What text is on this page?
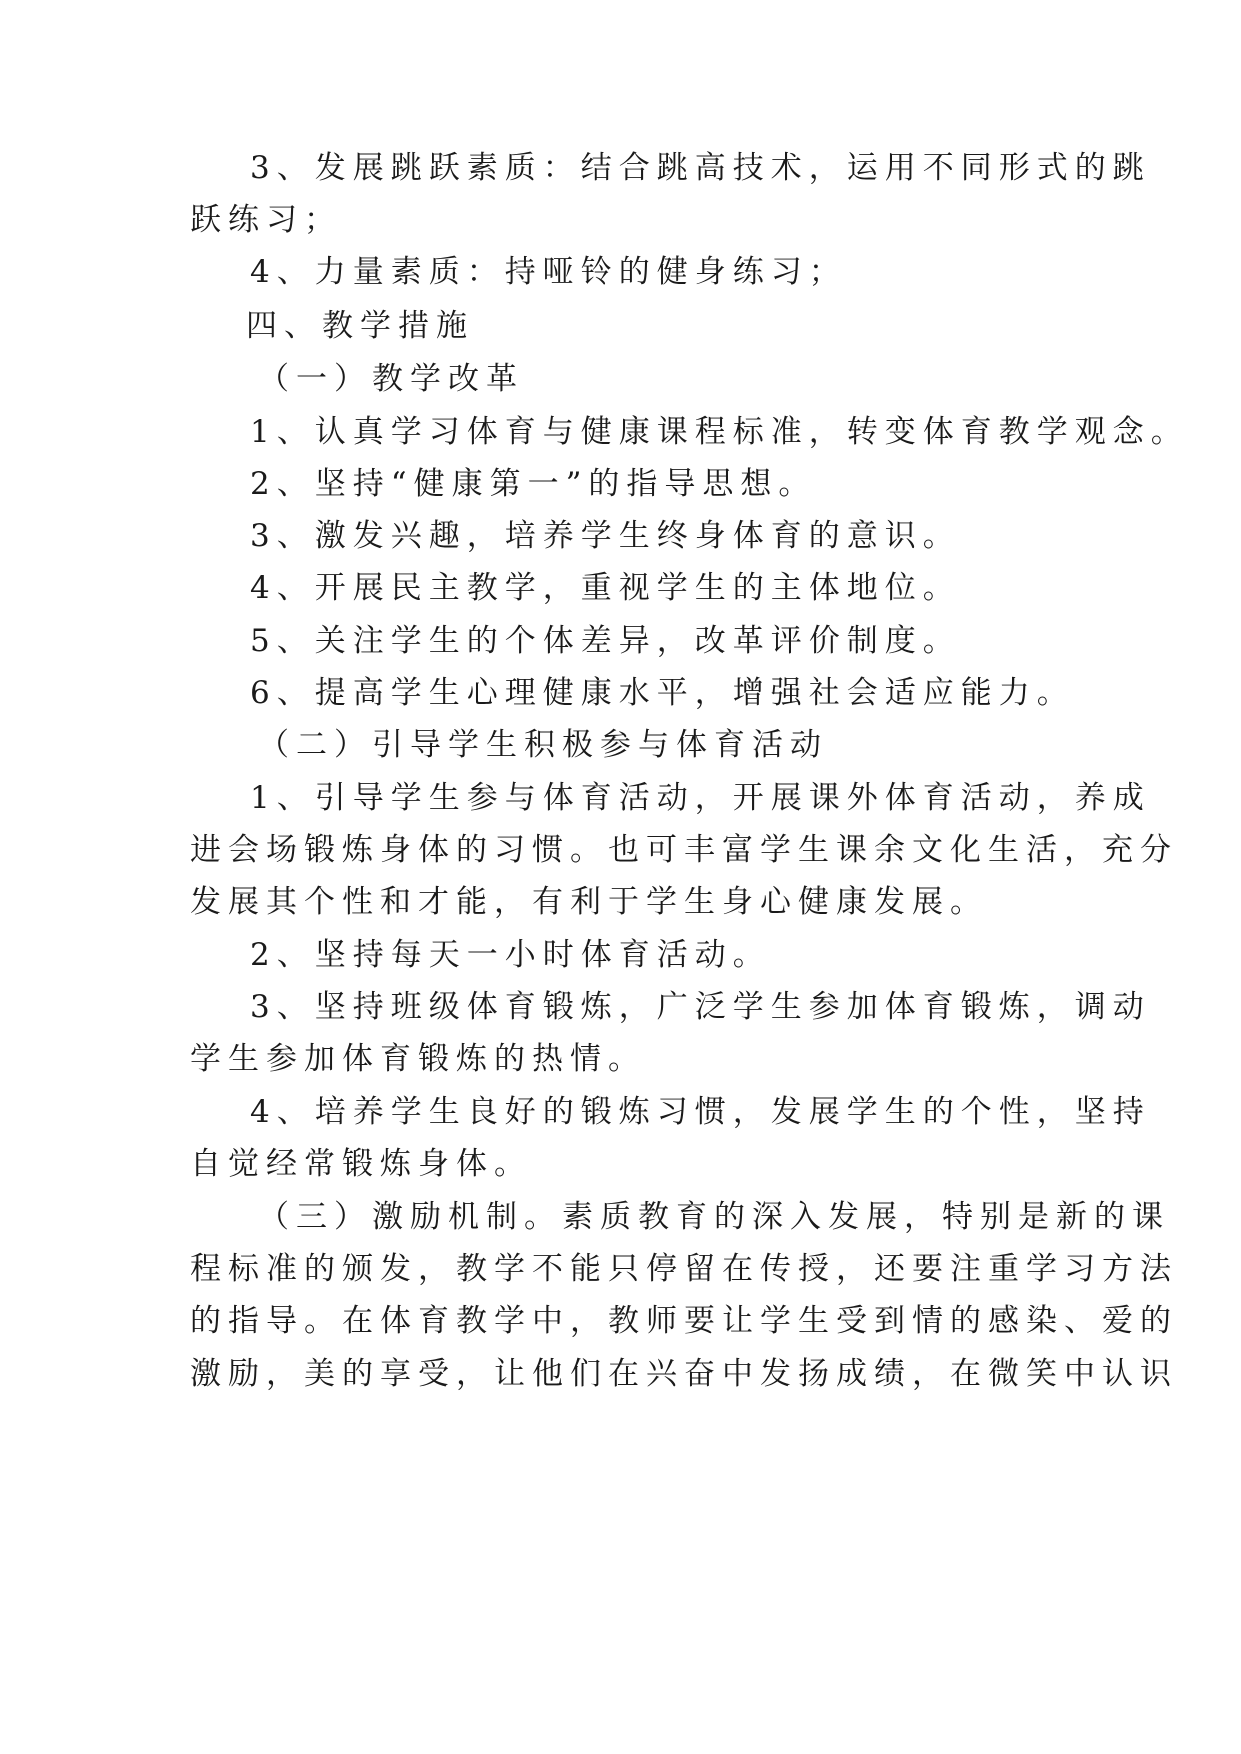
3、发展跳跃素质：结合跳高技术，运用不同形式的跳
跃练习；
4、力量素质：持哑铃的健身练习；
四、教学措施
（一）教学改革
1、认真学习体育与健康课程标准，转变体育教学观念。
2、坚持“健康第一”的指导思想。
3、激发兴趣，培养学生终身体育的意识。
4、开展民主教学，重视学生的主体地位。
5、关注学生的个体差异，改革评价制度。
6、提高学生心理健康水平，增强社会适应能力。
（二）引导学生积极参与体育活动
1、引导学生参与体育活动，开展课外体育活动，养成
进会场锻炼身体的习惯。也可丰富学生课余文化生活，充分
发展其个性和才能，有利于学生身心健康发展。
2、坚持每天一小时体育活动。
3、坚持班级体育锻炼，广泛学生参加体育锻炼，调动
学生参加体育锻炼的热情。
4、培养学生良好的锻炼习惯，发展学生的个性，坚持
自觉经常锻炼身体。
（三）激励机制。素质教育的深入发展，特别是新的课
程标准的颁发，教学不能只停留在传授，还要注重学习方法
的指导。在体育教学中，教师要让学生受到情的感染、爱的
激励，美的享受，让他们在兴奋中发扬成绩，在微笑中认识
